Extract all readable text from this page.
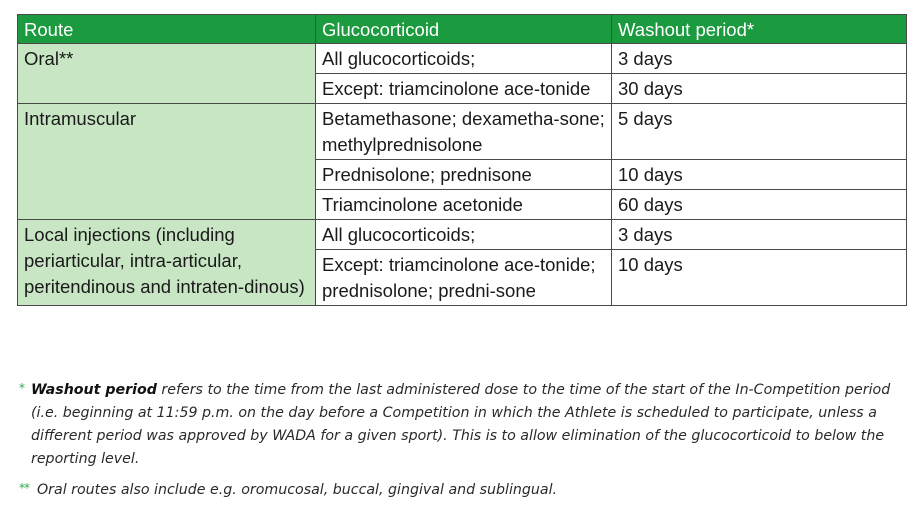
Route	Glucocorticoid	Washout period*
Oral**	All glucocorticoids;	3 days
	Except: triamcinolone ace-tonide	30 days
Intramuscular	Betamethasone; dexametha-sone; methylprednisolone	5 days
	Prednisolone; prednisone	10 days
	Triamcinolone acetonide	60 days
Local injections (including periarticular, intra-articular, peritendinous and intraten-dinous)	All glucocorticoids;	3 days
	Except: triamcinolone ace-tonide; prednisolone; predni-sone	10 days
* Washout period refers to the time from the last administered dose to the time of the start of the In-Competition period (i.e. beginning at 11:59 p.m. on the day before a Competition in which the Athlete is scheduled to participate, unless a different period was approved by WADA for a given sport). This is to allow elimination of the glucocorticoid to below the reporting level.
** Oral routes also include e.g. oromucosal, buccal, gingival and sublingual.
